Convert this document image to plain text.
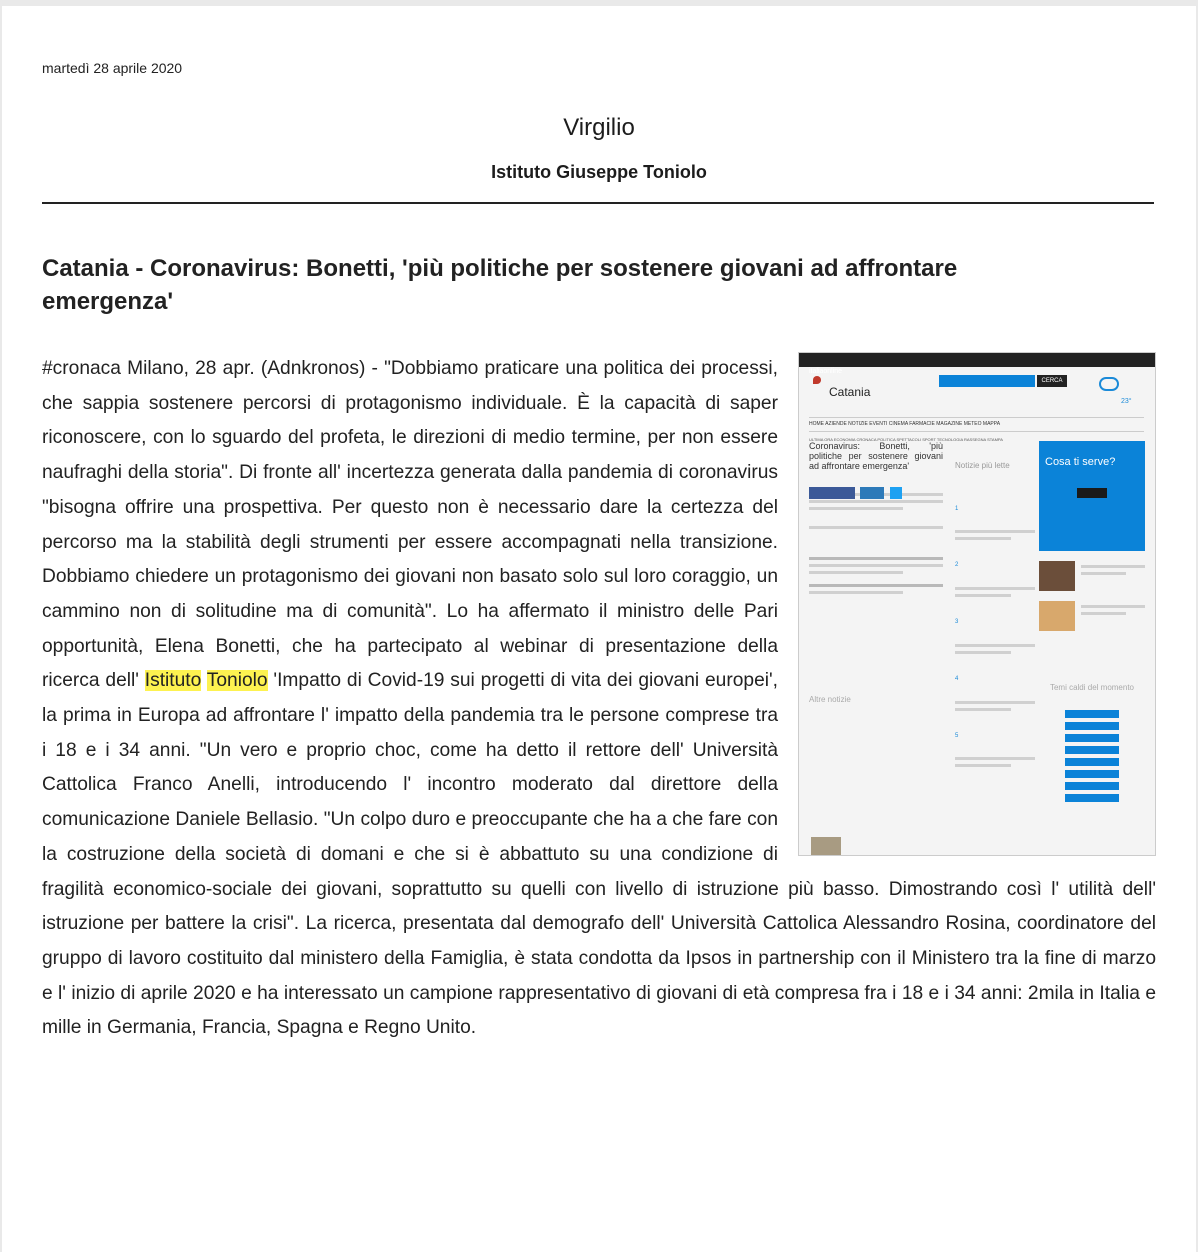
martedì 28 aprile 2020
Virgilio
Istituto Giuseppe Toniolo
Catania - Coronavirus: Bonetti, 'più politiche per sostenere giovani ad affrontare emergenza'
italiaonline
Catania
CERCA
23°
HOME AZIENDE NOTIZIE EVENTI CINEMA FARMACIE MAGAZINE METEO MAPPA
ULTIMA ORA ECONOMIA CRONACA POLITICA SPETTACOLI SPORT TECNOLOGIA RASSEGNA STAMPA
Coronavirus: Bonetti, 'più politiche per sostenere giovani ad affrontare emergenza'

Altre notizie
Notizie più lette
1
2
3
4
5
Cosa ti serve?
Temi caldi del momento
#cronaca Milano, 28 apr. (Adnkronos) - "Dobbiamo praticare una politica dei processi, che sappia sostenere percorsi di protagonismo individuale. È la capacità di saper riconoscere, con lo sguardo del profeta, le direzioni di medio termine, per non essere naufraghi della storia". Di fronte all' incertezza generata dalla pandemia di coronavirus "bisogna offrire una prospettiva. Per questo non è necessario dare la certezza del percorso ma la stabilità degli strumenti per essere accompagnati nella transizione. Dobbiamo chiedere un protagonismo dei giovani non basato solo sul loro coraggio, un cammino non di solitudine ma di comunità". Lo ha affermato il ministro delle Pari opportunità, Elena Bonetti, che ha partecipato al webinar di presentazione della ricerca dell' Istituto Toniolo 'Impatto di Covid-19 sui progetti di vita dei giovani europei', la prima in Europa ad affrontare l' impatto della pandemia tra le persone comprese tra i 18 e i 34 anni. "Un vero e proprio choc, come ha detto il rettore dell' Università Cattolica Franco Anelli, introducendo l' incontro moderato dal direttore della comunicazione Daniele Bellasio. "Un colpo duro e preoccupante che ha a che fare con la costruzione della società di domani e che si è abbattuto su una condizione di fragilità economico-sociale dei giovani, soprattutto su quelli con livello di istruzione più basso. Dimostrando così l' utilità dell' istruzione per battere la crisi". La ricerca, presentata dal demografo dell' Università Cattolica Alessandro Rosina, coordinatore del gruppo di lavoro costituito dal ministero della Famiglia, è stata condotta da Ipsos in partnership con il Ministero tra la fine di marzo e l' inizio di aprile 2020 e ha interessato un campione rappresentativo di giovani di età compresa fra i 18 e i 34 anni: 2mila in Italia e mille in Germania, Francia, Spagna e Regno Unito.
